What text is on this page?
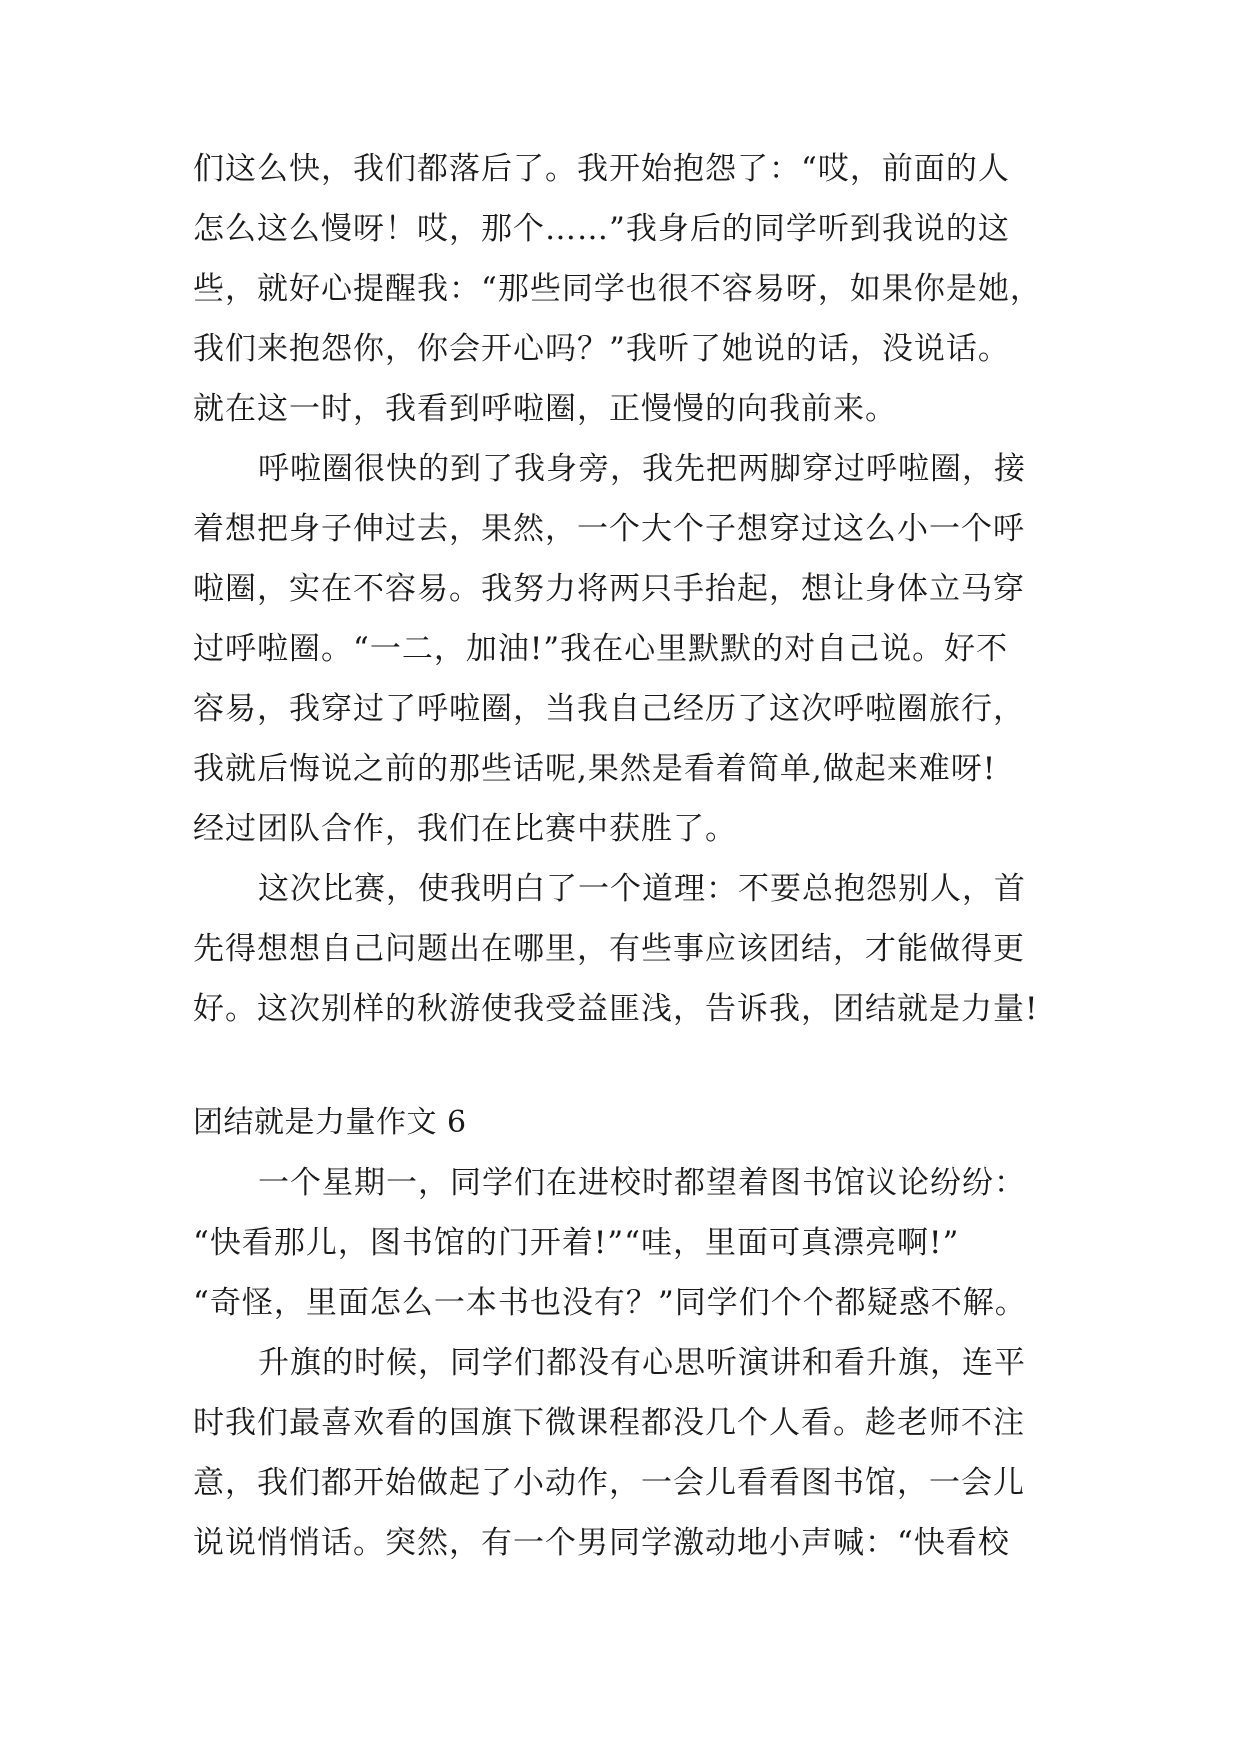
们这么快，我们都落后了。我开始抱怨了：“哎，前面的人
怎么这么慢呀！哎，那个……”我身后的同学听到我说的这
些，就好心提醒我：“那些同学也很不容易呀，如果你是她，
我们来抱怨你，你会开心吗？”我听了她说的话，没说话。
就在这一时，我看到呼啦圈，正慢慢的向我前来。
呼啦圈很快的到了我身旁，我先把两脚穿过呼啦圈，接
着想把身子伸过去，果然，一个大个子想穿过这么小一个呼
啦圈，实在不容易。我努力将两只手抬起，想让身体立马穿
过呼啦圈。“一二，加油!”我在心里默默的对自己说。好不
容易，我穿过了呼啦圈，当我自己经历了这次呼啦圈旅行，
我就后悔说之前的那些话呢,果然是看着简单,做起来难呀!
经过团队合作，我们在比赛中获胜了。
这次比赛，使我明白了一个道理：不要总抱怨别人，首
先得想想自己问题出在哪里，有些事应该团结，才能做得更
好。这次别样的秋游使我受益匪浅，告诉我，团结就是力量!
团结就是力量作文 6
一个星期一，同学们在进校时都望着图书馆议论纷纷：
“快看那儿，图书馆的门开着!”“哇，里面可真漂亮啊!”
“奇怪，里面怎么一本书也没有？”同学们个个都疑惑不解。
升旗的时候，同学们都没有心思听演讲和看升旗，连平
时我们最喜欢看的国旗下微课程都没几个人看。趁老师不注
意，我们都开始做起了小动作，一会儿看看图书馆，一会儿
说说悄悄话。突然，有一个男同学激动地小声喊：“快看校
